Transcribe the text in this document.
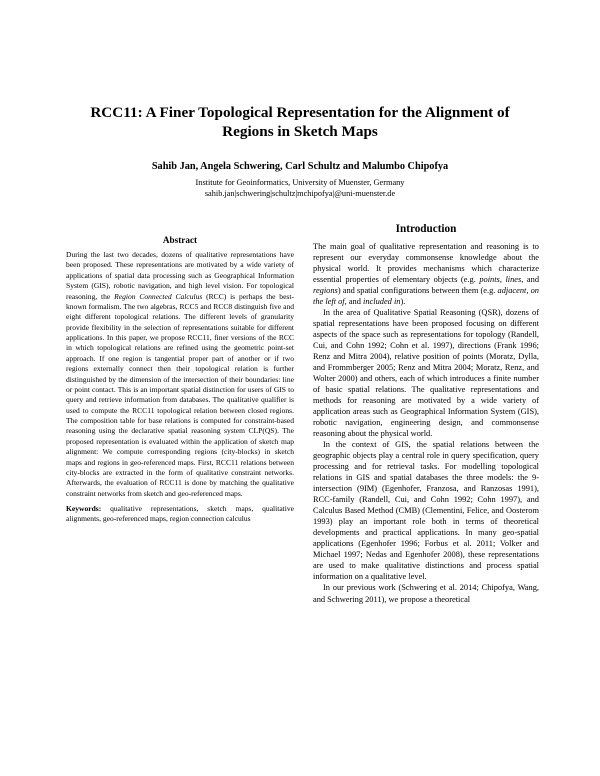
RCC11: A Finer Topological Representation for the Alignment of
Regions in Sketch Maps
Sahib Jan, Angela Schwering, Carl Schultz and Malumbo Chipofya
Institute for Geoinformatics, University of Muenster, Germany
sahib.jan|schwering|schultz|mchipofya|@uni-muenster.de
Abstract

During the last two decades, dozens of qualitative representations have been proposed. These representations are motivated by a wide variety of applications of spatial data processing such as Geographical Information System (GIS), robotic navigation, and high level vision. For topological reasoning, the Region Connected Calculus (RCC) is perhaps the best-known formalism. The two algebras, RCC5 and RCC8 distinguish five and eight different topological relations. The different levels of granularity provide flexibility in the selection of representations suitable for different applications. In this paper, we propose RCC11, finer versions of the RCC in which topological relations are refined using the geometric point-set approach. If one region is tangential proper part of another or if two regions externally connect then their topological relation is further distinguished by the dimension of the intersection of their boundaries: line or point contact. This is an important spatial distinction for users of GIS to query and retrieve information from databases. The qualitative qualifier is used to compute the RCC11 topological relation between closed regions. The composition table for base relations is computed for constraint-based reasoning using the declarative spatial reasoning system CLP(QS). The proposed representation is evaluated within the application of sketch map alignment: We compute corresponding regions (city-blocks) in sketch maps and regions in geo-referenced maps. First, RCC11 relations between city-blocks are extracted in the form of qualitative constraint networks. Afterwards, the evaluation of RCC11 is done by matching the qualitative constraint networks from sketch and geo-referenced maps.

Keywords: qualitative representations, sketch maps, qualitative alignments, geo-referenced maps, region connection calculus

Introduction

The main goal of qualitative representation and reasoning is to represent our everyday commonsense knowledge about the physical world. It provides mechanisms which characterize essential properties of elementary objects (e.g. points, lines, and regions) and spatial configurations between them (e.g. adjacent, on the left of, and included in).

In the area of Qualitative Spatial Reasoning (QSR), dozens of spatial representations have been proposed focusing on different aspects of the space such as representations for topology (Randell, Cui, and Cohn 1992; Cohn et al. 1997), directions (Frank 1996; Renz and Mitra 2004), relative position of points (Moratz, Dylla, and Frommberger 2005; Renz and Mitra 2004; Moratz, Renz, and Wolter 2000) and others, each of which introduces a finite number of basic spatial relations. The qualitative representations and methods for reasoning are motivated by a wide variety of application areas such as Geographical Information System (GIS), robotic navigation, engineering design, and commonsense reasoning about the physical world.

In the context of GIS, the spatial relations between the geographic objects play a central role in query specification, query processing and for retrieval tasks. For modelling topological relations in GIS and spatial databases the three models: the 9-intersection (9IM) (Egenhofer, Franzosa, and Ranzosas 1991), RCC-family (Randell, Cui, and Cohn 1992; Cohn 1997), and Calculus Based Method (CMB) (Clementini, Felice, and Oosterom 1993) play an important role both in terms of theoretical developments and practical applications. In many geo-spatial applications (Egenhofer 1996; Forbus et al. 2011; Volker and Michael 1997; Nedas and Egenhofer 2008), these representations are used to make qualitative distinctions and process spatial information on a qualitative level.

In our previous work (Schwering et al. 2014; Chipofya, Wang, and Schwering 2011), we propose a theoretical
